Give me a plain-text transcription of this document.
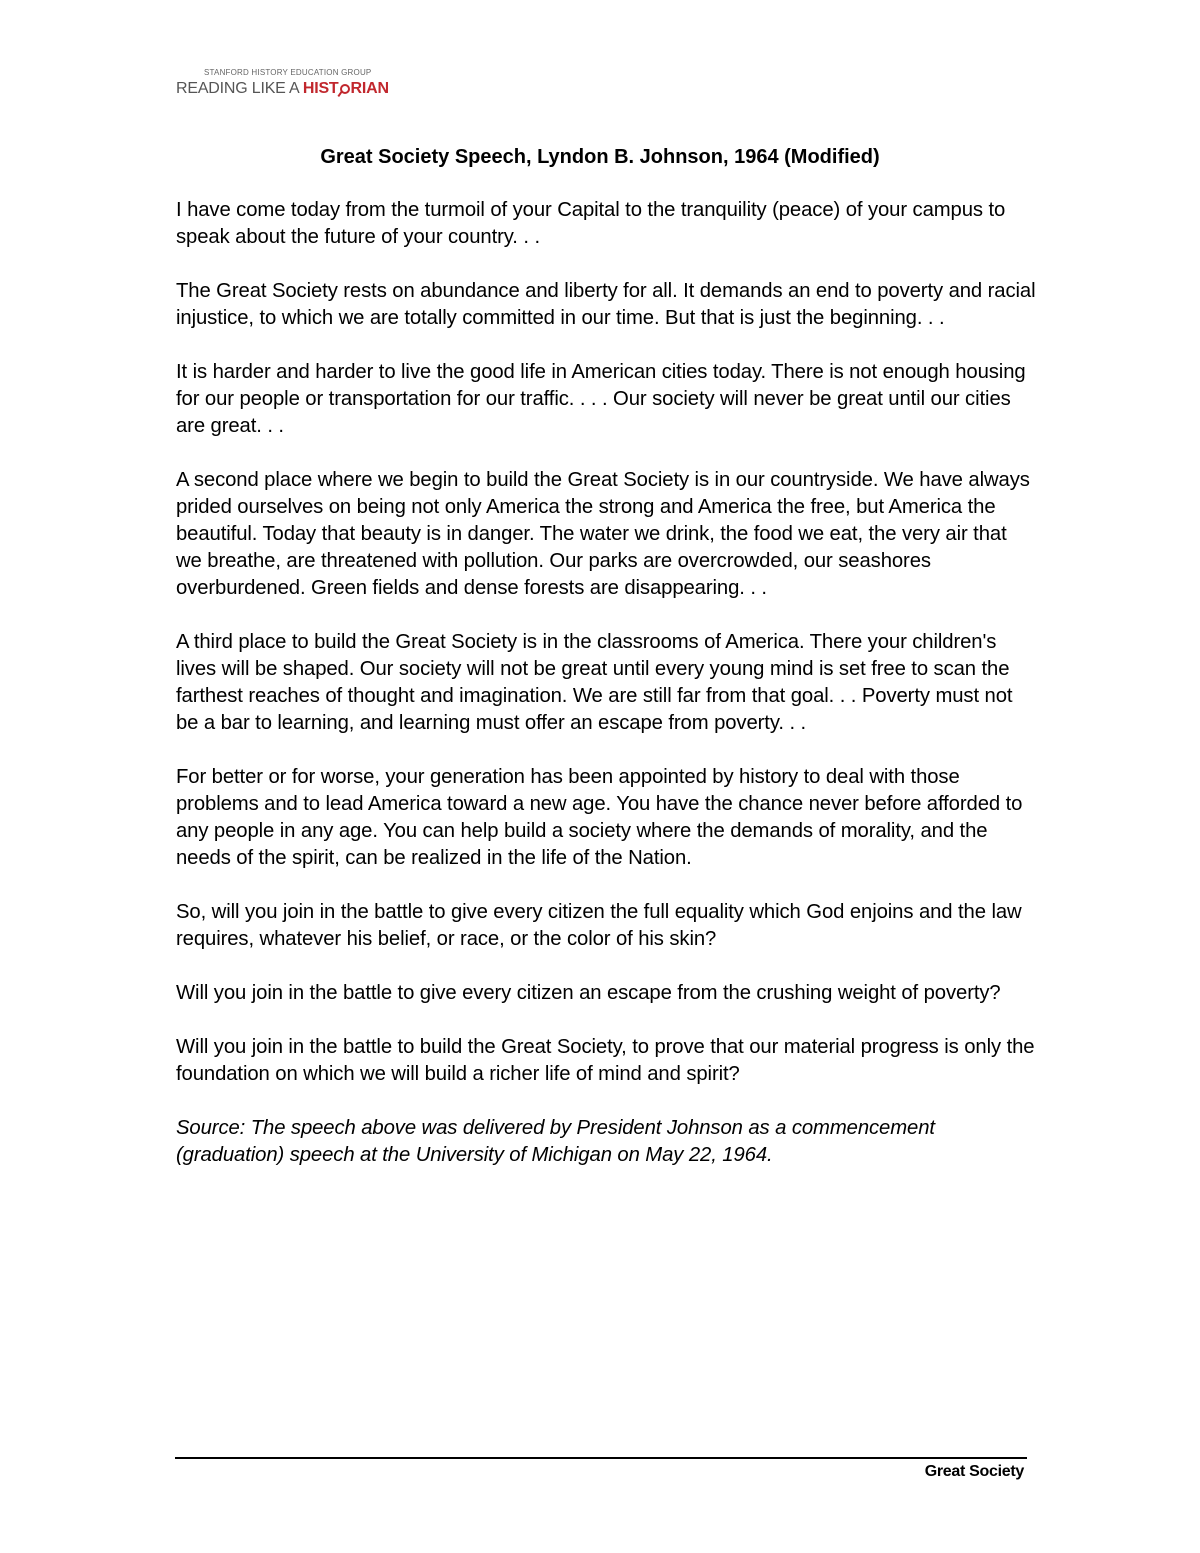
STANFORD HISTORY EDUCATION GROUP
READING LIKE A HIST RIAN
Great Society Speech, Lyndon B. Johnson, 1964 (Modified)

I have come today from the turmoil of your Capital to the tranquility (peace) of your campus to speak about the future of your country. . .

The Great Society rests on abundance and liberty for all. It demands an end to poverty and racial injustice, to which we are totally committed in our time. But that is just the beginning. . .

It is harder and harder to live the good life in American cities today. There is not enough housing for our people or transportation for our traffic. . . . Our society will never be great until our cities are great. . .

A second place where we begin to build the Great Society is in our countryside. We have always prided ourselves on being not only America the strong and America the free, but America the beautiful. Today that beauty is in danger. The water we drink, the food we eat, the very air that we breathe, are threatened with pollution. Our parks are overcrowded, our seashores overburdened. Green fields and dense forests are disappearing. . .

A third place to build the Great Society is in the classrooms of America. There your children's lives will be shaped. Our society will not be great until every young mind is set free to scan the farthest reaches of thought and imagination. We are still far from that goal. . . Poverty must not be a bar to learning, and learning must offer an escape from poverty. . .

For better or for worse, your generation has been appointed by history to deal with those problems and to lead America toward a new age. You have the chance never before afforded to any people in any age. You can help build a society where the demands of morality, and the needs of the spirit, can be realized in the life of the Nation.

So, will you join in the battle to give every citizen the full equality which God enjoins and the law requires, whatever his belief, or race, or the color of his skin?

Will you join in the battle to give every citizen an escape from the crushing weight of poverty?

Will you join in the battle to build the Great Society, to prove that our material progress is only the foundation on which we will build a richer life of mind and spirit?

Source: The speech above was delivered by President Johnson as a commencement (graduation) speech at the University of Michigan on May 22, 1964.

Great Society
